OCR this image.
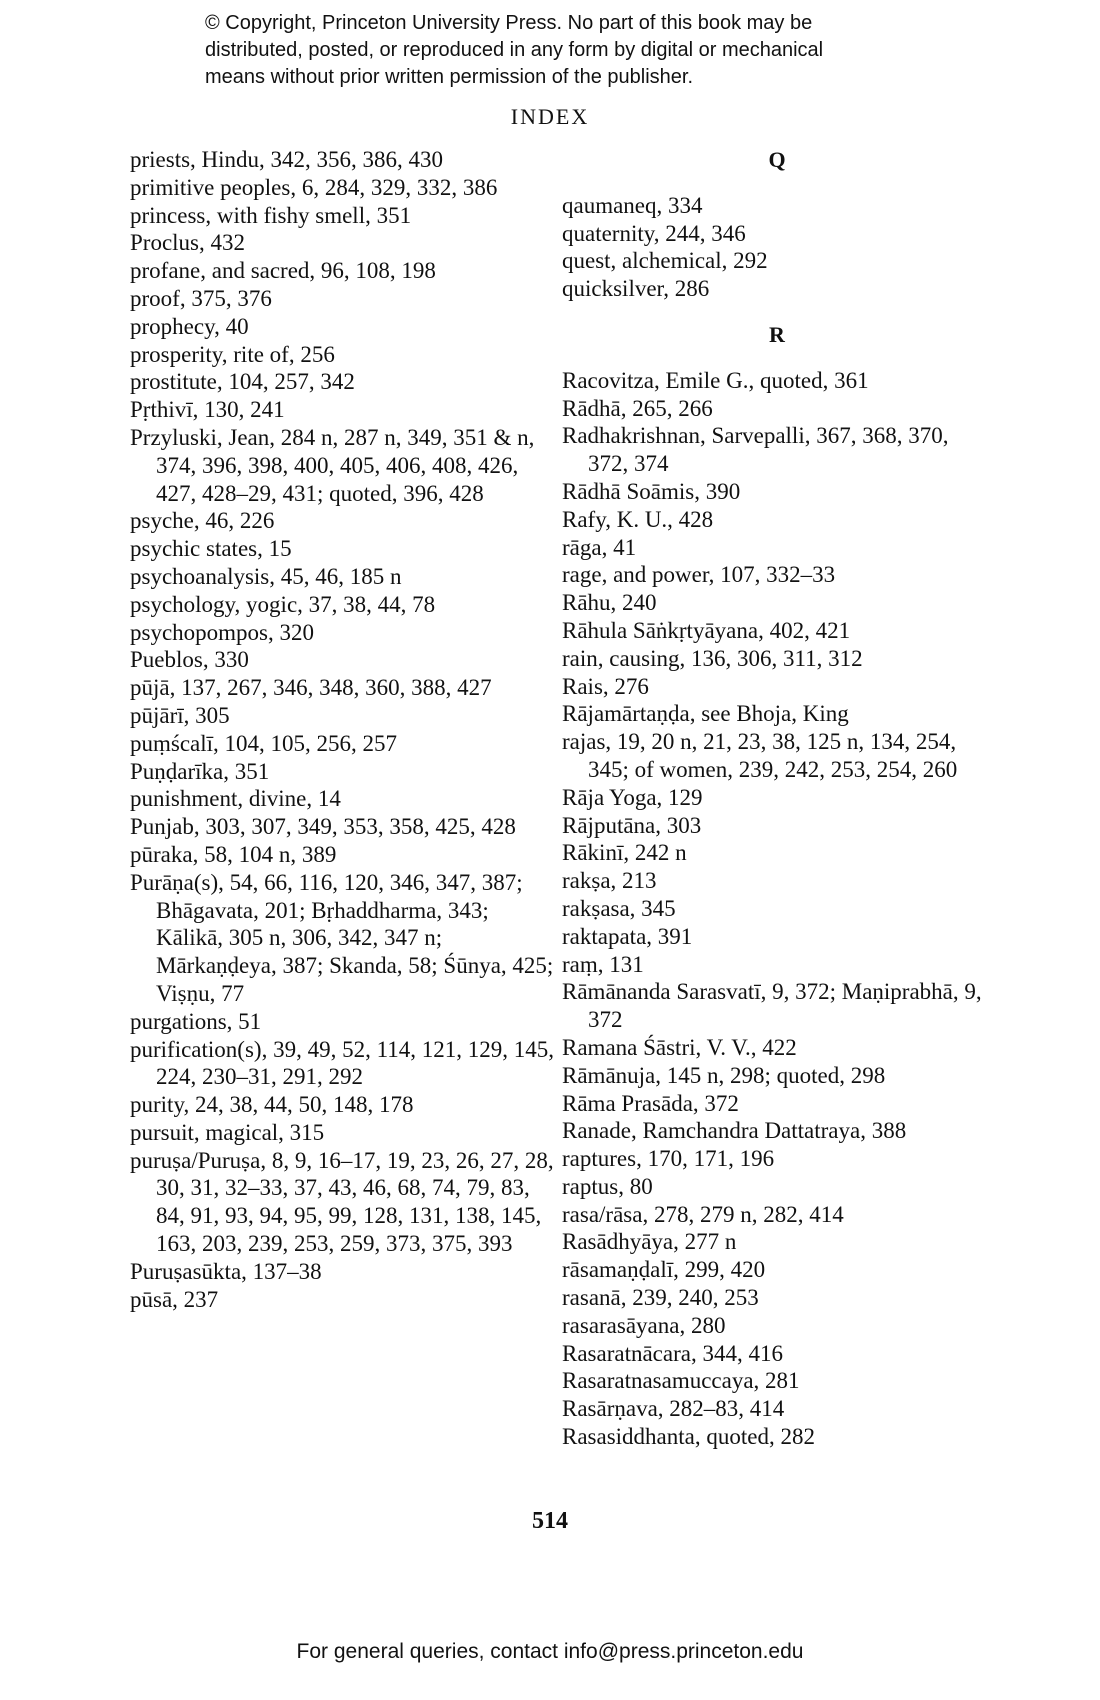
© Copyright, Princeton University Press. No part of this book may be
distributed, posted, or reproduced in any form by digital or mechanical
means without prior written permission of the publisher.
INDEX
priests, Hindu, 342, 356, 386, 430
primitive peoples, 6, 284, 329, 332, 386
princess, with fishy smell, 351
Proclus, 432
profane, and sacred, 96, 108, 198
proof, 375, 376
prophecy, 40
prosperity, rite of, 256
prostitute, 104, 257, 342
Pṛthivī, 130, 241
Przyluski, Jean, 284 n, 287 n, 349, 351 & n, 374, 396, 398, 400, 405, 406, 408, 426, 427, 428–29, 431; quoted, 396, 428
psyche, 46, 226
psychic states, 15
psychoanalysis, 45, 46, 185 n
psychology, yogic, 37, 38, 44, 78
psychopompos, 320
Pueblos, 330
pūjā, 137, 267, 346, 348, 360, 388, 427
pūjārī, 305
puṃścalī, 104, 105, 256, 257
Puṇḍarīka, 351
punishment, divine, 14
Punjab, 303, 307, 349, 353, 358, 425, 428
pūraka, 58, 104 n, 389
Purāṇa(s), 54, 66, 116, 120, 346, 347, 387; Bhāgavata, 201; Bṛhaddharma, 343; Kālikā, 305 n, 306, 342, 347 n; Mārkaṇḍeya, 387; Skanda, 58; Śūnya, 425; Viṣṇu, 77
purgations, 51
purification(s), 39, 49, 52, 114, 121, 129, 145, 224, 230–31, 291, 292
purity, 24, 38, 44, 50, 148, 178
pursuit, magical, 315
puruṣa/Puruṣa, 8, 9, 16–17, 19, 23, 26, 27, 28, 30, 31, 32–33, 37, 43, 46, 68, 74, 79, 83, 84, 91, 93, 94, 95, 99, 128, 131, 138, 145, 163, 203, 239, 253, 259, 373, 375, 393
Puruṣasūkta, 137–38
pūsā, 237
Q
qaumaneq, 334
quaternity, 244, 346
quest, alchemical, 292
quicksilver, 286
R
Racovitza, Emile G., quoted, 361
Rādhā, 265, 266
Radhakrishnan, Sarvepalli, 367, 368, 370, 372, 374
Rādhā Soāmis, 390
Rafy, K. U., 428
rāga, 41
rage, and power, 107, 332–33
Rāhu, 240
Rāhula Sāṅkṛtyāyana, 402, 421
rain, causing, 136, 306, 311, 312
Rais, 276
Rājamārtaṇḍa, see Bhoja, King
rajas, 19, 20 n, 21, 23, 38, 125 n, 134, 254, 345; of women, 239, 242, 253, 254, 260
Rāja Yoga, 129
Rājputāna, 303
Rākinī, 242 n
rakṣa, 213
rakṣasa, 345
raktapata, 391
raṃ, 131
Rāmānanda Sarasvatī, 9, 372; Maṇiprabhā, 9, 372
Ramana Śāstri, V. V., 422
Rāmānuja, 145 n, 298; quoted, 298
Rāma Prasāda, 372
Ranade, Ramchandra Dattatraya, 388
raptures, 170, 171, 196
raptus, 80
rasa/rāsa, 278, 279 n, 282, 414
Rasādhyāya, 277 n
rāsamaṇḍalī, 299, 420
rasanā, 239, 240, 253
rasarasāyana, 280
Rasaratnācara, 344, 416
Rasaratnasamuccaya, 281
Rasārṇava, 282–83, 414
Rasasiddhanta, quoted, 282
514
For general queries, contact info@press.princeton.edu
